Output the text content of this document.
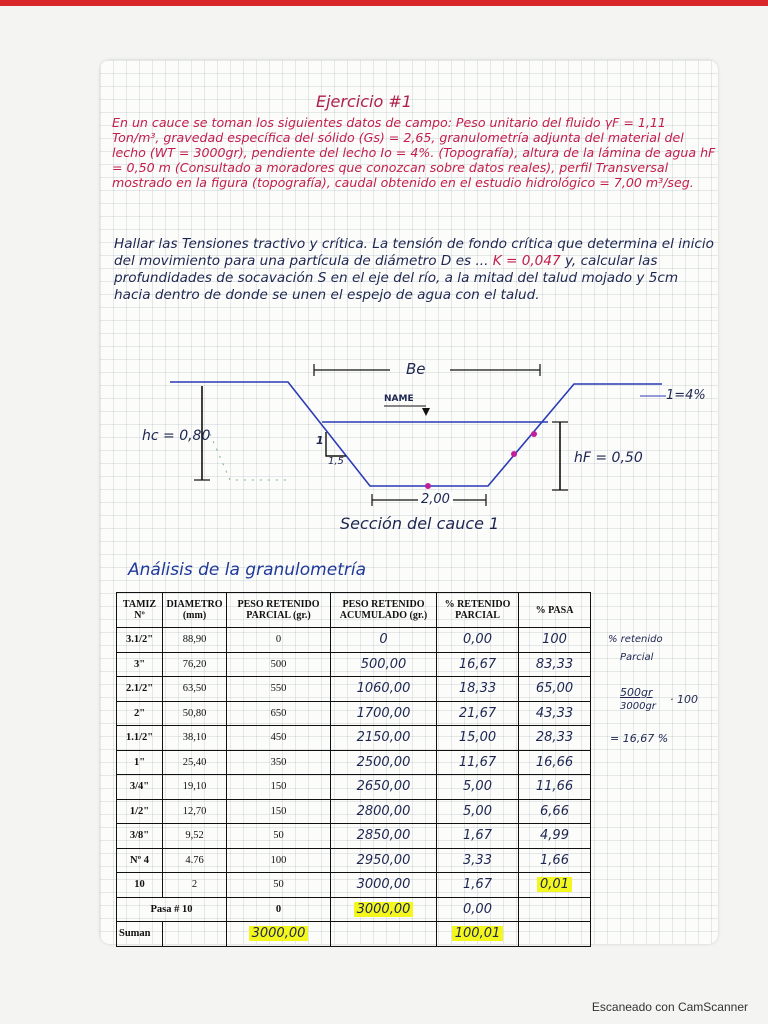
Ejercicio #1
En un cauce se toman los siguientes datos de campo: Peso unitario del fluido γF = 1,11 Ton/m³, gravedad específica del sólido (Gs) = 2,65, granulometría adjunta del material del lecho (WT = 3000gr), pendiente del lecho Io = 4%. (Topografía), altura de la lámina de agua hF = 0,50 m (Consultado a moradores que conozcan sobre datos reales), perfil Transversal mostrado en la figura (topografía), caudal obtenido en el estudio hidrológico = 7,00 m³/seg.
Hallar las Tensiones tractivo y crítica. La tensión de fondo crítica que determina el inicio del movimiento para una partícula de diámetro D es ... K = 0,047 y, calcular las profundidades de socavación S en el eje del río, a la mitad del talud mojado y 5cm hacia dentro de donde se unen el espejo de agua con el talud.
Be
NAME	1=4%
hc = 0,80
hF = 0,50
1
1,5
2,00
Sección del cauce 1
Análisis de la granulometría
TAMIZ Nº	DIAMETRO (mm)	PESO RETENIDO PARCIAL (gr.)	PESO RETENIDO ACUMULADO (gr.)	% RETENIDO PARCIAL	% PASA
3.1/2"	88,90	0	0	0,00	100
3"	76,20	500	500,00	16,67	83,33
2.1/2"	63,50	550	1060,00	18,33	65,00
2"	50,80	650	1700,00	21,67	43,33
1.1/2"	38,10	450	2150,00	15,00	28,33
1"	25,40	350	2500,00	11,67	16,66
3/4"	19,10	150	2650,00	5,00	11,66
1/2"	12,70	150	2800,00	5,00	6,66
3/8"	9,52	50	2850,00	1,67	4,99
Nº 4	4.76	100	2950,00	3,33	1,66
10	2	50	3000,00	1,67	0,01
Pasa # 10		0	3000,00	0,00	
Suman		3000,00		100,01	
% retenido
Parcial
500gr
3000gr
· 100
= 16,67 %
Escaneado con CamScanner
